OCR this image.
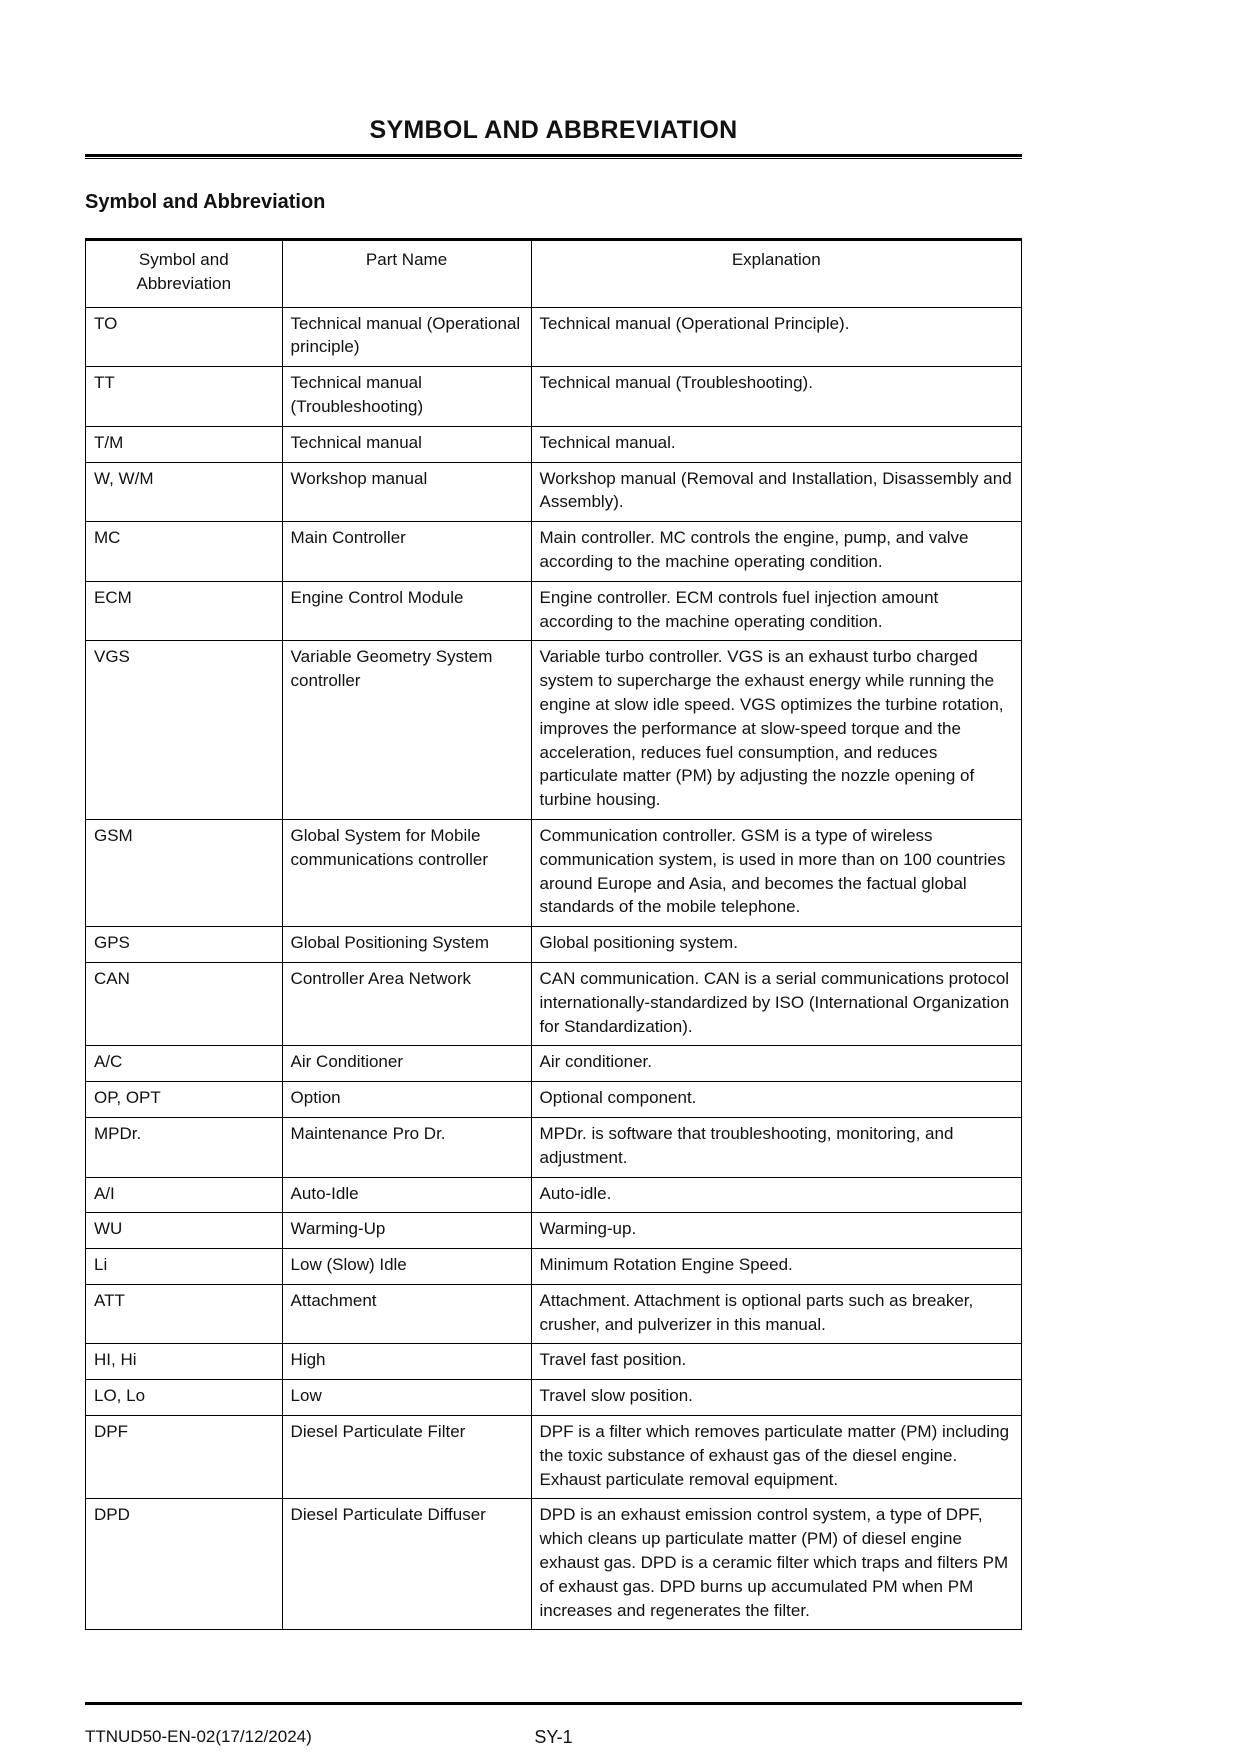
SYMBOL AND ABBREVIATION
Symbol and Abbreviation
Symbol and Abbreviation	Part Name	Explanation
TO	Technical manual (Operational principle)	Technical manual (Operational Principle).
TT	Technical manual (Troubleshooting)	Technical manual (Troubleshooting).
T/M	Technical manual	Technical manual.
W, W/M	Workshop manual	Workshop manual (Removal and Installation, Disassembly and Assembly).
MC	Main Controller	Main controller. MC controls the engine, pump, and valve according to the machine operating condition.
ECM	Engine Control Module	Engine controller. ECM controls fuel injection amount according to the machine operating condition.
VGS	Variable Geometry System controller	Variable turbo controller. VGS is an exhaust turbo charged system to supercharge the exhaust energy while running the engine at slow idle speed. VGS optimizes the turbine rotation, improves the performance at slow-speed torque and the acceleration, reduces fuel consumption, and reduces particulate matter (PM) by adjusting the nozzle opening of turbine housing.
GSM	Global System for Mobile communications controller	Communication controller. GSM is a type of wireless communication system, is used in more than on 100 countries around Europe and Asia, and becomes the factual global standards of the mobile telephone.
GPS	Global Positioning System	Global positioning system.
CAN	Controller Area Network	CAN communication. CAN is a serial communications protocol internationally-standardized by ISO (International Organization for Standardization).
A/C	Air Conditioner	Air conditioner.
OP, OPT	Option	Optional component.
MPDr.	Maintenance Pro Dr.	MPDr. is software that troubleshooting, monitoring, and adjustment.
A/I	Auto-Idle	Auto-idle.
WU	Warming-Up	Warming-up.
Li	Low (Slow) Idle	Minimum Rotation Engine Speed.
ATT	Attachment	Attachment. Attachment is optional parts such as breaker, crusher, and pulverizer in this manual.
HI, Hi	High	Travel fast position.
LO, Lo	Low	Travel slow position.
DPF	Diesel Particulate Filter	DPF is a filter which removes particulate matter (PM) including the toxic substance of exhaust gas of the diesel engine. Exhaust particulate removal equipment.
DPD	Diesel Particulate Diffuser	DPD is an exhaust emission control system, a type of DPF, which cleans up particulate matter (PM) of diesel engine exhaust gas. DPD is a ceramic filter which traps and filters PM of exhaust gas. DPD burns up accumulated PM when PM increases and regenerates the filter.
TTNUD50-EN-02(17/12/2024)	SY-1
